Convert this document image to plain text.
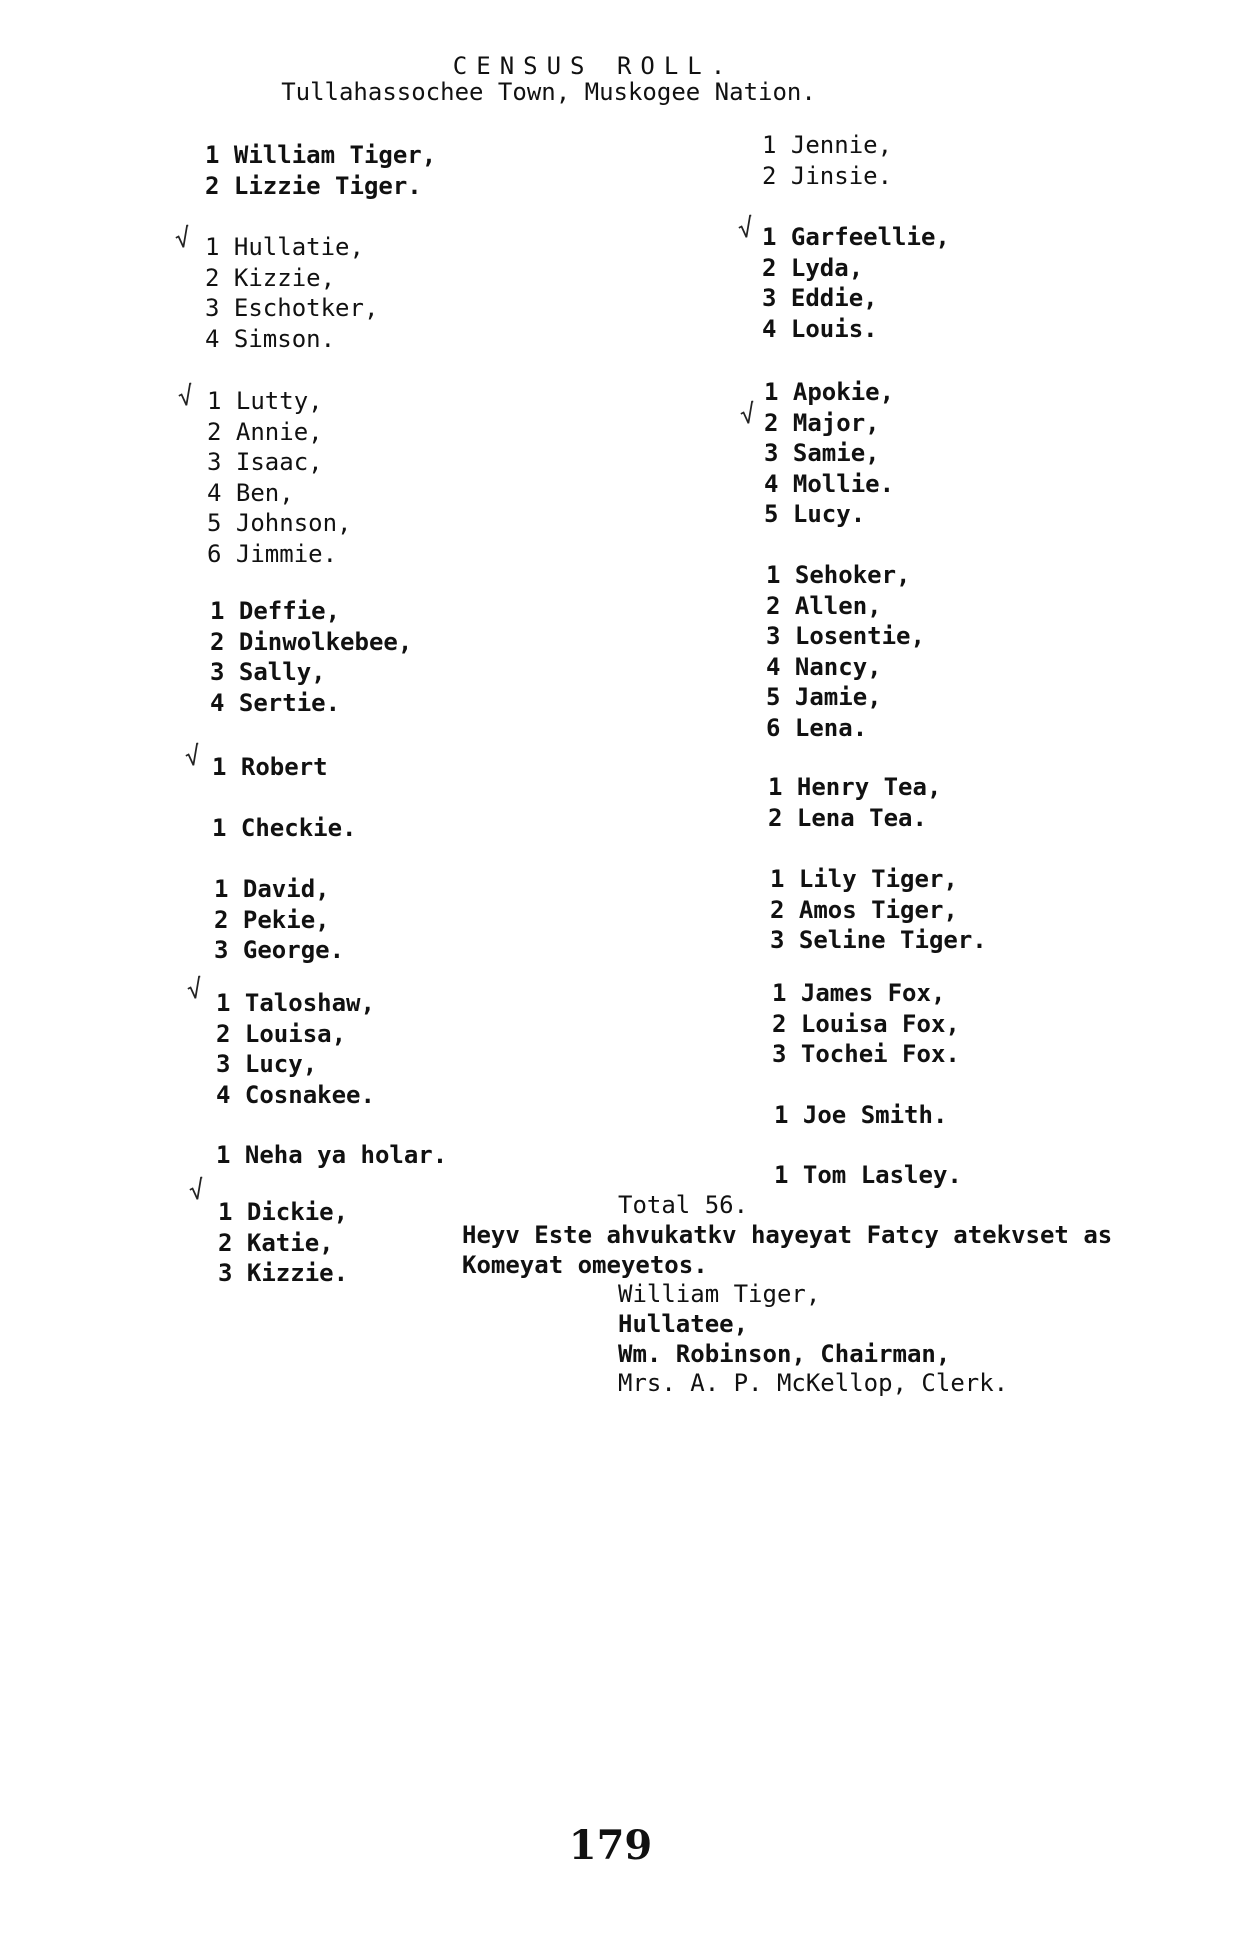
CENSUS ROLL.
Tullahassochee Town, Muskogee Nation.
1 William Tiger,
2 Lizzie Tiger.
√ 1 Hullatie,
2 Kizzie,
3 Eschotker,
4 Simson.
√ 1 Lutty,
2 Annie,
3 Isaac,
4 Ben,
5 Johnson,
6 Jimmie.
1 Deffie,
2 Dinwolkebee,
3 Sally,
4 Sertie.
√ 1 Robert
1 Checkie.
1 David,
2 Pekie,
3 George.
√ 1 Taloshaw,
2 Louisa,
3 Lucy,
4 Cosnakee.
1 Neha ya holar.
√
1 Dickie,
2 Katie,
3 Kizzie.
1 Jennie,
2 Jinsie.
√ 1 Garfeellie,
2 Lyda,
3 Eddie,
4 Louis.
√
1 Apokie,
2 Major,
3 Samie,
4 Mollie.
5 Lucy.
1 Sehoker,
2 Allen,
3 Losentie,
4 Nancy,
5 Jamie,
6 Lena.
1 Henry Tea,
2 Lena Tea.
1 Lily Tiger,
2 Amos Tiger,
3 Seline Tiger.
1 James Fox,
2 Louisa Fox,
3 Tochei Fox.
1 Joe Smith.
1 Tom Lasley.
Total 56.
Heyv Este ahvukatkv hayeyat Fatcy atekvset as
Komeyat omeyetos.
William Tiger,
Hullatee,
Wm. Robinson, Chairman,
Mrs. A. P. McKellop, Clerk.
179
